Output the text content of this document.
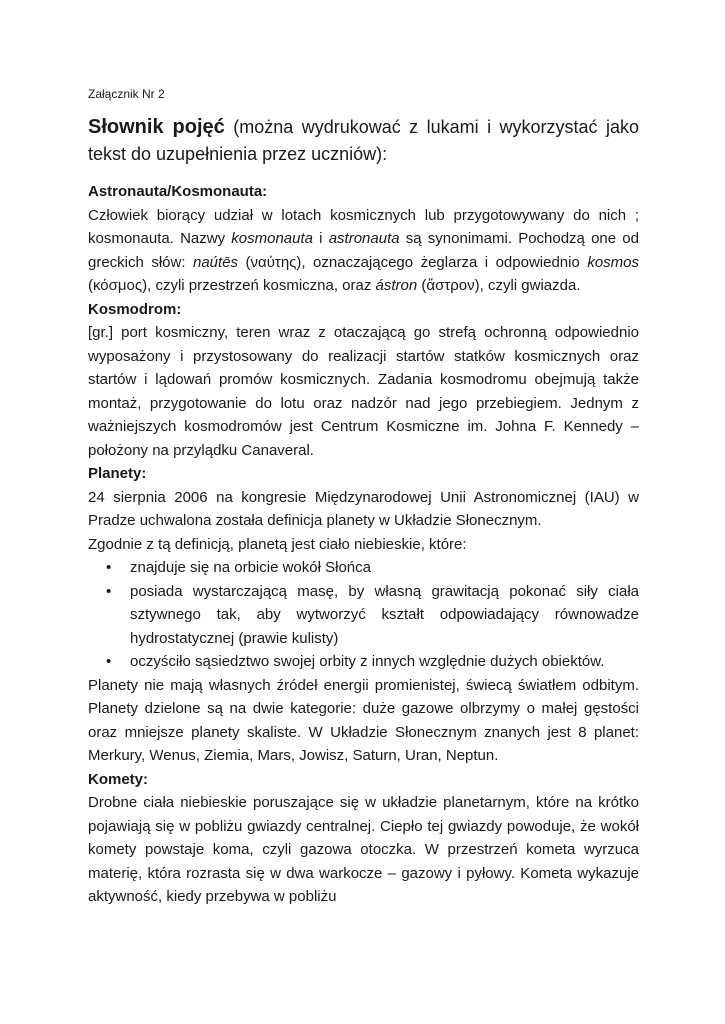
Załącznik Nr 2

Słownik pojęć (można wydrukować z lukami i wykorzystać jako tekst do uzupełnienia przez uczniów):

Astronauta/Kosmonauta:

Człowiek biorący udział w lotach kosmicznych lub przygotowywany do nich ; kosmonauta. Nazwy kosmonauta i astronauta są synonimami. Pochodzą one od greckich słów: naútēs (ναύτης), oznaczającego żeglarza i odpowiednio kosmos (κόσμος), czyli przestrzeń kosmiczna, oraz ástron (ἄστρον), czyli gwiazda.

Kosmodrom:

[gr.] port kosmiczny, teren wraz z otaczającą go strefą ochronną odpowiednio wyposażony i przystosowany do realizacji startów statków kosmicznych oraz startów i lądowań promów kosmicznych. Zadania kosmodromu obejmują także montaż, przygotowanie do lotu oraz nadzór nad jego przebiegiem. Jednym z ważniejszych kosmodromów jest Centrum Kosmiczne im. Johna F. Kennedy – położony na przylądku Canaveral.

Planety:

24 sierpnia 2006 na kongresie Międzynarodowej Unii Astronomicznej (IAU) w Pradze uchwalona została definicja planety w Układzie Słonecznym.

Zgodnie z tą definicją, planetą jest ciało niebieskie, które:

• znajduje się na orbicie wokół Słońca
• posiada wystarczającą masę, by własną grawitacją pokonać siły ciała sztywnego tak, aby wytworzyć kształt odpowiadający równowadze hydrostatycznej (prawie kulisty)
• oczyściło sąsiedztwo swojej orbity z innych względnie dużych obiektów.

Planety nie mają własnych źródeł energii promienistej, świecą światłem odbitym. Planety dzielone są na dwie kategorie: duże gazowe olbrzymy o małej gęstości oraz mniejsze planety skaliste. W Układzie Słonecznym znanych jest 8 planet: Merkury, Wenus, Ziemia, Mars, Jowisz, Saturn, Uran, Neptun.

Komety:

Drobne ciała niebieskie poruszające się w układzie planetarnym, które na krótko pojawiają się w pobliżu gwiazdy centralnej. Ciepło tej gwiazdy powoduje, że wokół komety powstaje koma, czyli gazowa otoczka. W przestrzeń kometa wyrzuca materię, która rozrasta się w dwa warkocze – gazowy i pyłowy. Kometa wykazuje aktywność, kiedy przebywa w pobliżu
